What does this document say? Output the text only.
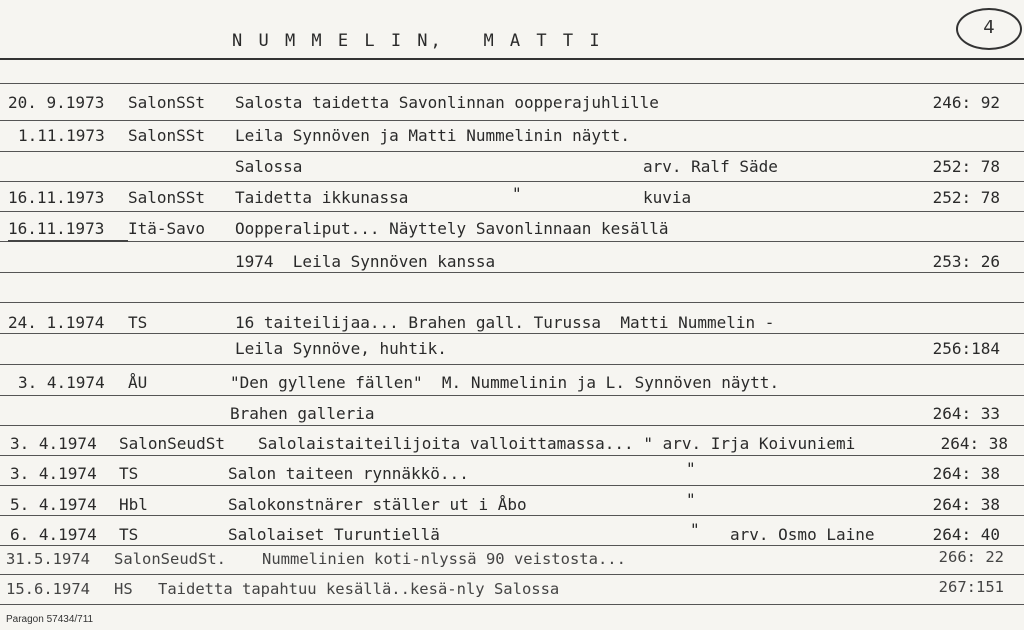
N U M M E L I N,   M A T T I
4
20. 9.1973 SalonSSt Salosta taidetta Savonlinnan oopperajuhlille	246: 92
1.11.1973 SalonSSt Leila Synnöven ja Matti Nummelinin näytt.
Salossa	arv. Ralf Säde	252: 78
16.11.1973 SalonSSt Taidetta ikkunassa	"	kuvia	252: 78
16.11.1973 Itä-Savo Oopperaliput... Näyttely Savonlinnaan kesällä
1974  Leila Synnöven kanssa	253: 26
24. 1.1974 TS	16 taiteilijaa... Brahen gall. Turussa  Matti Nummelin -
Leila Synnöve, huhtik.	256:184
3. 4.1974 ÅU	"Den gyllene fällen"  M. Nummelinin ja L. Synnöven näytt.
Brahen galleria	264: 33
3. 4.1974 SalonSeudSt Salolaistaiteilijoita valloittamassa... " arv. Irja Koivuniemi	264: 38
3. 4.1974 TS	Salon taiteen rynnäkkö...	"	264: 38
5. 4.1974 Hbl	Salokonstnärer ställer ut i Åbo	"	264: 38
6. 4.1974 TS	Salolaiset Turuntiellä	" arv. Osmo Laine	264: 40
31.5.1974 SalonSeudSt. Nummelinien koti-nlyssä 90 veistosta...	266: 22
15.6.1974 HS Taidetta tapahtuu kesällä..kesä-nly Salossa	267:151
Paragon 57434/711
